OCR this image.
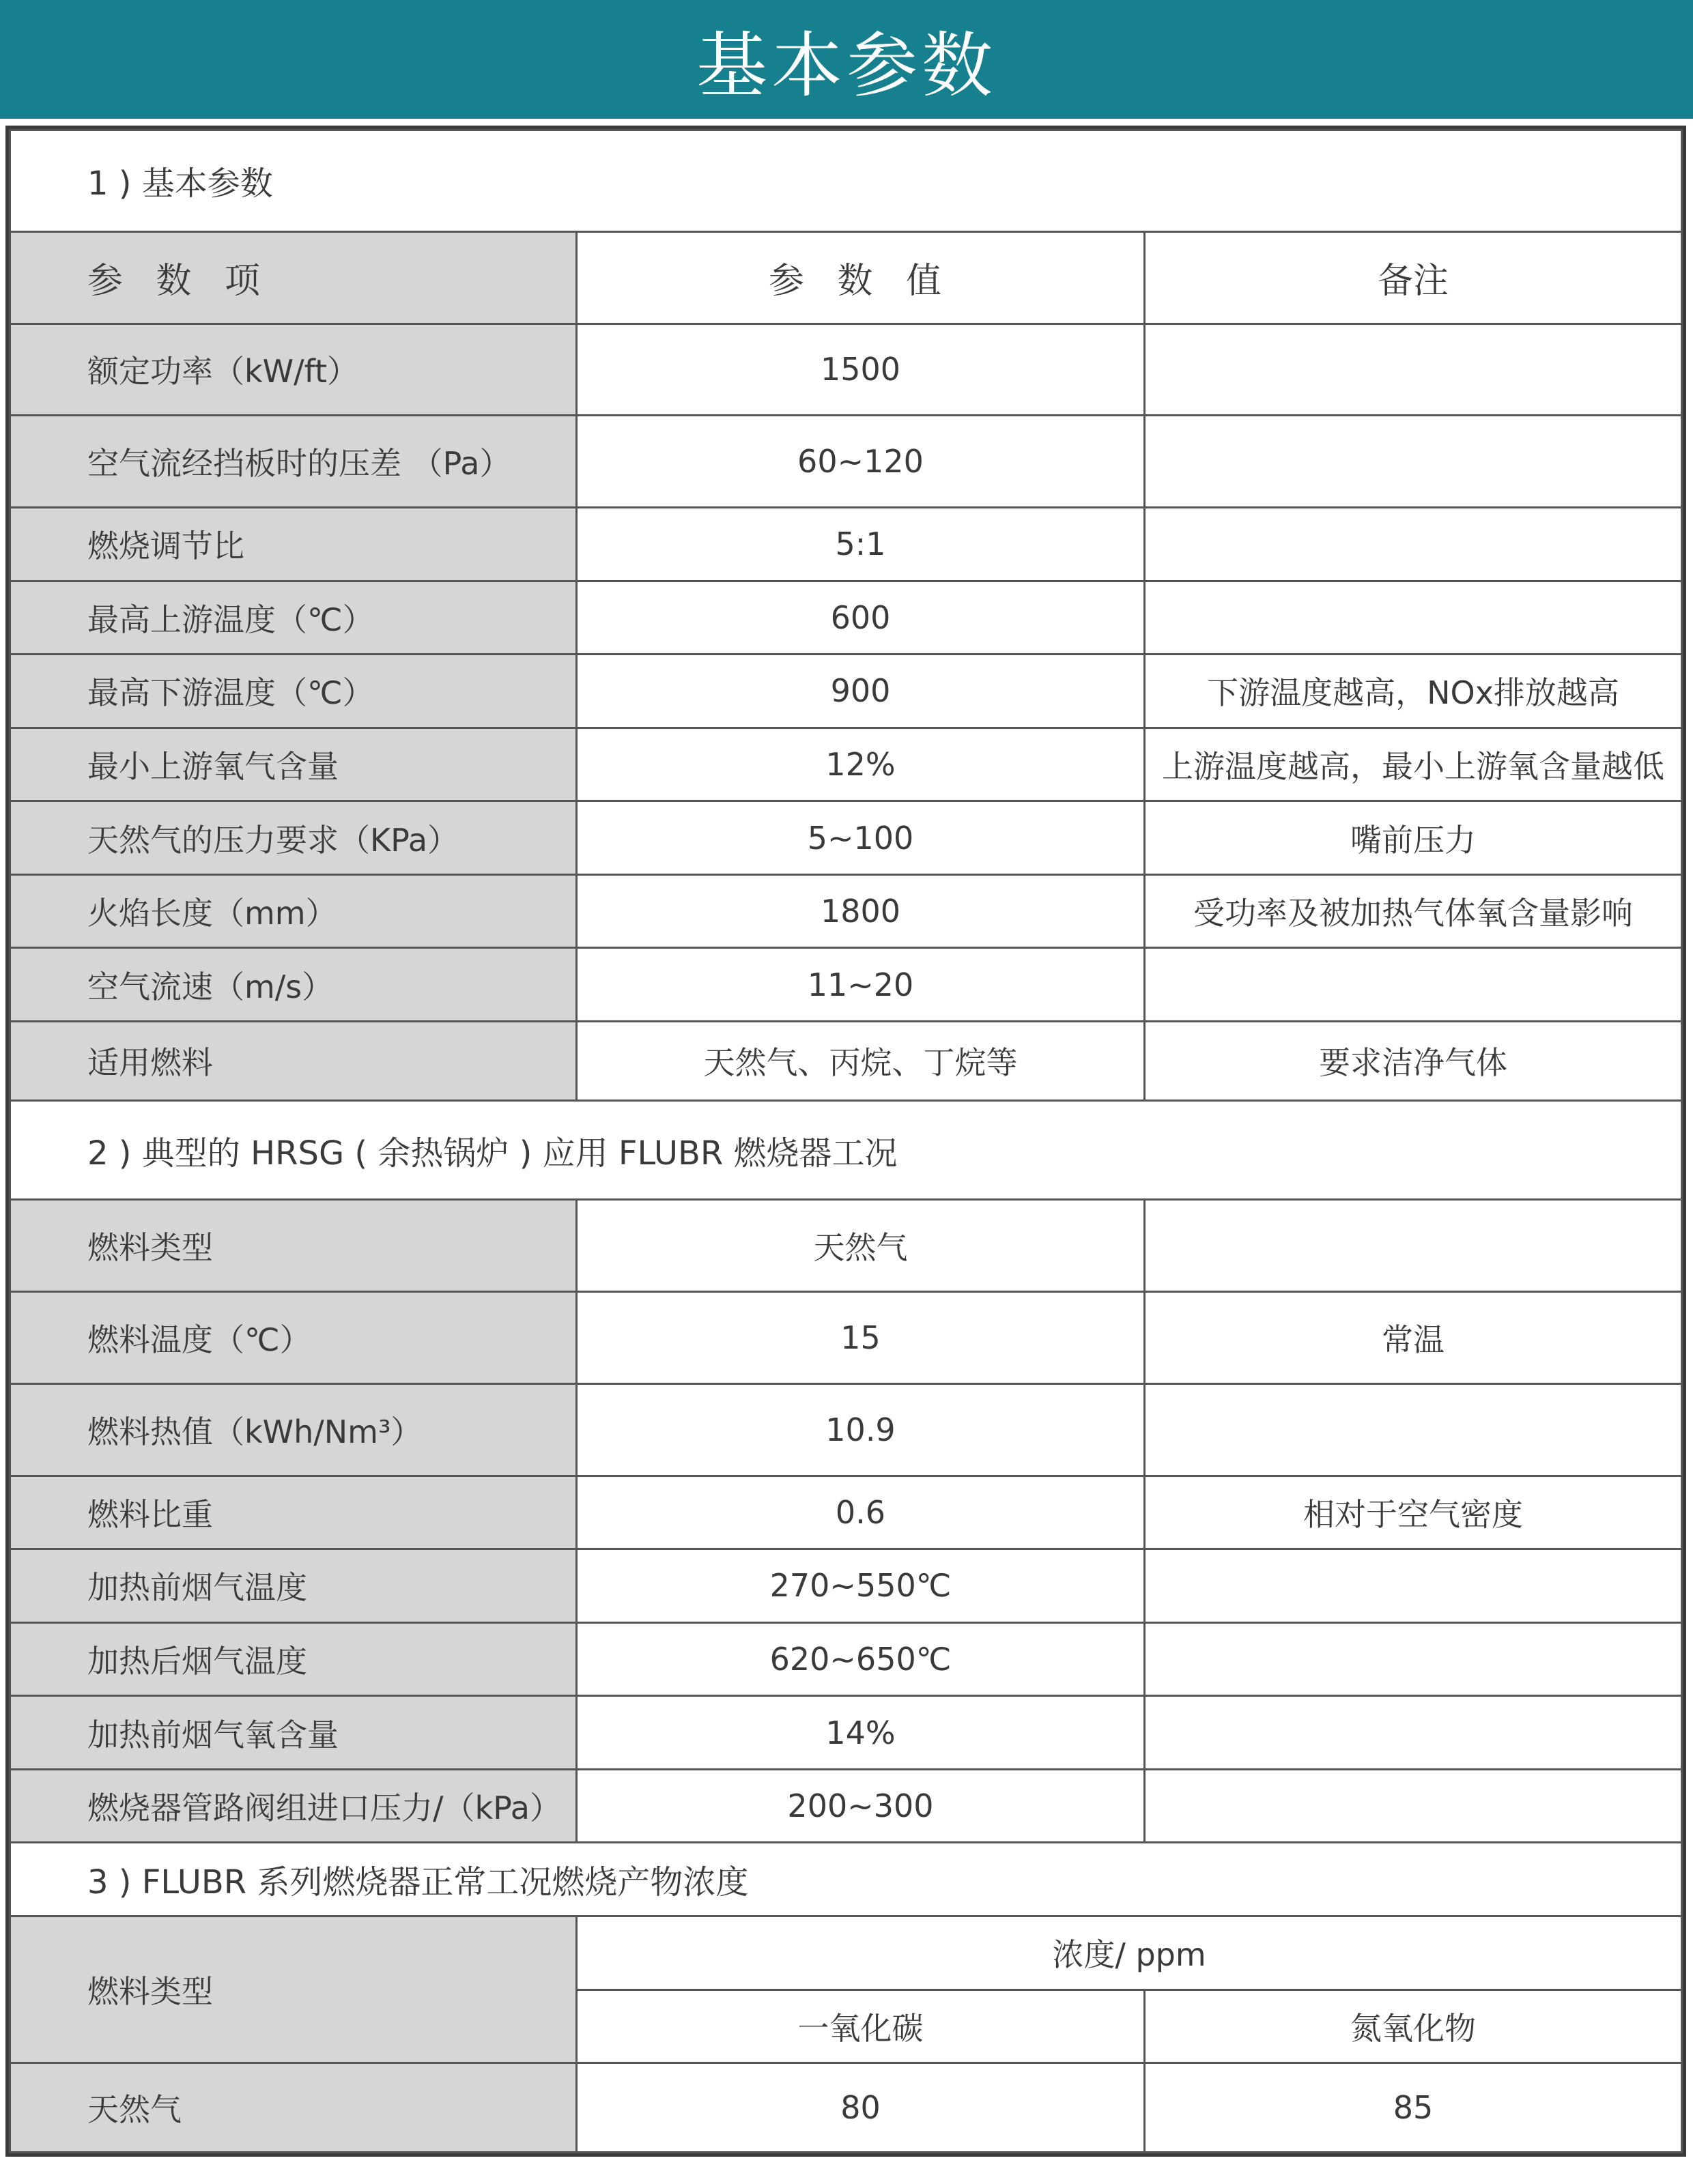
基本参数
1 ) 基本参数		
参 数 项	参 数 值	备注
额定功率（kW/ft）	1500	
空气流经挡板时的压差 （Pa）	60~120	
燃烧调节比	5:1	
最高上游温度（℃）	600	
最高下游温度（℃）	900	下游温度越高，NOx排放越高
最小上游氧气含量	12%	上游温度越高，最小上游氧含量越低
天然气的压力要求（KPa）	5~100	嘴前压力
火焰长度（mm）	1800	受功率及被加热气体氧含量影响
空气流速（m/s）	11~20	
适用燃料	天然气、丙烷、丁烷等	要求洁净气体
2 ) 典型的 HRSG ( 余热锅炉 ) 应用 FLUBR 燃烧器工况		
燃料类型	天然气	
燃料温度（℃）	15	常温
燃料热值（kWh/Nm³）	10.9	
燃料比重	0.6	相对于空气密度
加热前烟气温度	270~550℃	
加热后烟气温度	620~650℃	
加热前烟气氧含量	14%	
燃烧器管路阀组进口压力/（kPa）	200~300	
3 ) FLUBR 系列燃烧器正常工况燃烧产物浓度		
燃料类型	浓度/ ppm	
	一氧化碳	氮氧化物
天然气	80	85
